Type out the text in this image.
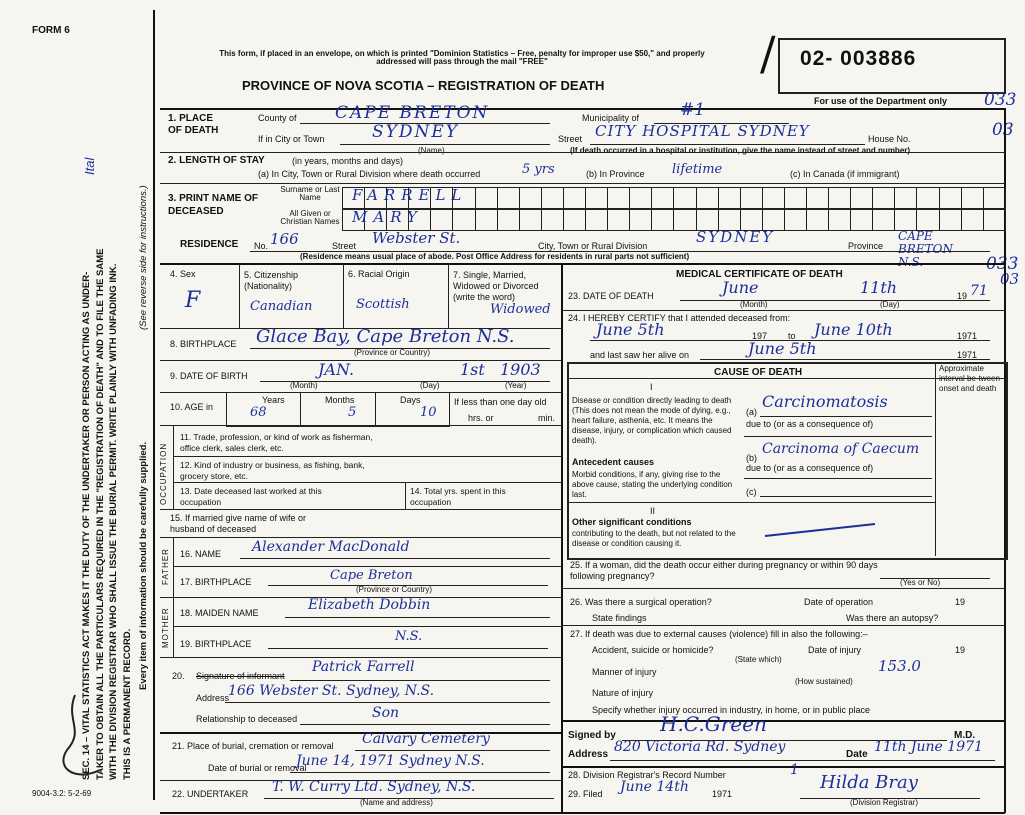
FORM 6
This form, if placed in an envelope, on which is printed "Dominion Statistics – Free, penalty for improper use $50," and properly addressed will pass through the mail "FREE"
PROVINCE OF NOVA SCOTIA – REGISTRATION OF DEATH
/ 02- 003886
For use of the Department only 033
03
033
03
SEC. 14 – VITAL STATISTICS ACT MAKES IT THE DUTY OF THE UNDERTAKER OR PERSON ACTING AS UNDER-TAKER TO OBTAIN ALL THE PARTICULARS REQUIRED IN THE "REGISTRATION OF DEATH" AND TO FILE THE SAME WITH THE DIVISION REGISTRAR WHO SHALL ISSUE THE BURIAL PERMIT. WRITE PLAINLY WITH UNFADING INK. THIS IS A PERMANENT RECORD.
Every item of information should be carefully supplied.
(See reverse side for instructions.)
Ital
9004-3.2: 5-2-69
1. PLACE OF DEATH
County of CAPE BRETON	Municipality of #1
If in City or Town	SYDNEY
(Name)
Street CITY HOSPITAL SYDNEY	House No.
(If death occurred in a hospital or institution, give the name instead of street and number)
2. LENGTH OF STAY	(in years, months and days)
(a) In City, Town or Rural Division where death occurred	5 yrs	(b) In Province lifetime	(c) In Canada (if immigrant)
3. PRINT NAME OF DECEASED
Surname or Last Name	FARRELL
All Given or Christian Names MARY
RESIDENCE No. 166	Street Webster St.	City, Town or Rural Division	SYDNEY	Province
CAPE BRETON N.S.
(Residence means usual place of abode. Post Office Address for residents in rural parts not sufficient)
4. Sex
F
5. Citizenship (Nationality)
Canadian
6. Racial Origin
Scottish
7. Single, Married, Widowed or Divorced (write the word)
Widowed
8. BIRTHPLACE Glace Bay, Cape Breton N.S.
(Province or Country)
9. DATE OF BIRTH	JAN.	1st 1903
(Month)	(Day)	(Year)
10. AGE in
Years
68
Months
5
Days
10
If less than one day old
hrs. or	min.
OCCUPATION
11. Trade, profession, or kind of work as fisherman, office clerk, sales clerk, etc.
12. Kind of industry or business, as fishing, bank, grocery store, etc.
13. Date deceased last worked at this occupation
14. Total yrs. spent in this occupation
15. If married give name of wife or husband of deceased
FATHER 16. NAME Alexander MacDonald
17. BIRTHPLACE	Cape Breton
(Province or Country)
MOTHER 18. MAIDEN NAME	Elizabeth Dobbin
19. BIRTHPLACE	N.S.
20. Signature of informant
Patrick Farrell
Address
166 Webster St. Sydney, N.S.
Relationship to deceased	Son
21. Place of burial, cremation or removal Calvary Cemetery
Date of burial or removal
June 14, 1971 Sydney N.S.
22. UNDERTAKER T. W. Curry Ltd. Sydney, N.S.
(Name and address)
MEDICAL CERTIFICATE OF DEATH
23. DATE OF DEATH	June	11th	19 71
(Month)	(Day)
24. I HEREBY CERTIFY that I attended deceased from:
June 5th	197 to June 10th	1971
and last saw her alive on	June 5th	1971
CAUSE OF DEATH	Approximate interval be-tween onset and death
I
Disease or condition directly leading to death (This does not mean the mode of dying, e.g., heart failure, asthenia, etc. It means the disease, injury, or complication which caused death).
Antecedent causes
Morbid conditions, if any, giving rise to the above cause, stating the underlying condition last.
(a)
Carcinomatosis
due to (or as a consequence of)
(b)
Carcinoma of Caecum
due to (or as a consequence of)
(c)
II
Other significant conditions
contributing to the death, but not related to the disease or condition causing it.
25. If a woman, did the death occur either during pregnancy or within 90 days following pregnancy?
(Yes or No)
26. Was there a surgical operation?	Date of operation	19
State findings	Was there an autopsy?
27. If death was due to external causes (violence) fill in also the following:–
Accident, suicide or homicide?	Date of injury	19
(State which)
Manner of injury	153.0
(How sustained)
Nature of injury
Specify whether injury occurred in industry, in home, or in public place
Signed by H.C.Green	M.D.
Address 820 Victoria Rd. Sydney	Date 11th June 1971
28. Division Registrar's Record Number	1
29. Filed June 14th	1971
Hilda Bray
(Division Registrar)
